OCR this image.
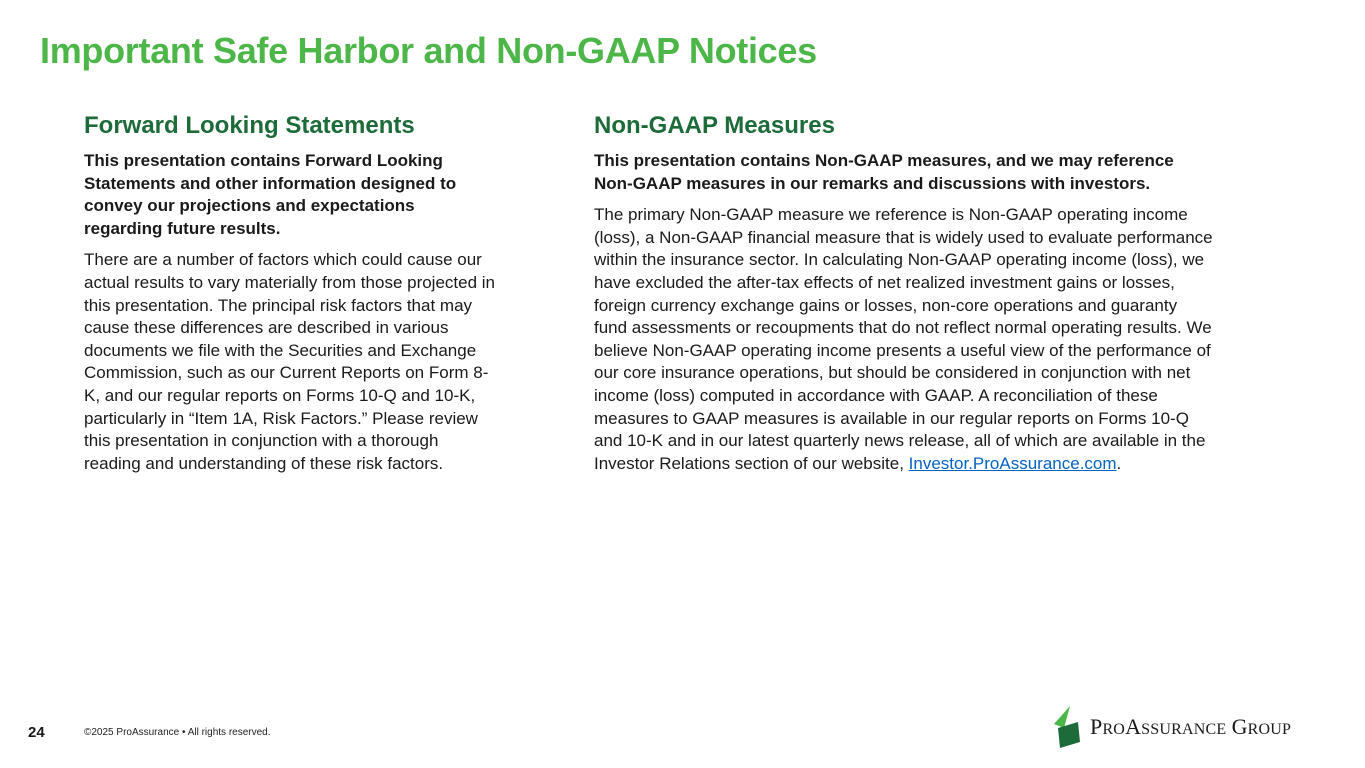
Important Safe Harbor and Non-GAAP Notices
Forward Looking Statements

This presentation contains Forward Looking Statements and other information designed to convey our projections and expectations regarding future results.

There are a number of factors which could cause our actual results to vary materially from those projected in this presentation. The principal risk factors that may cause these differences are described in various documents we file with the Securities and Exchange Commission, such as our Current Reports on Form 8-K, and our regular reports on Forms 10-Q and 10-K, particularly in “Item 1A, Risk Factors.” Please review this presentation in conjunction with a thorough reading and understanding of these risk factors.

Non-GAAP Measures

This presentation contains Non-GAAP measures, and we may reference Non-GAAP measures in our remarks and discussions with investors.

The primary Non-GAAP measure we reference is Non-GAAP operating income (loss), a Non-GAAP financial measure that is widely used to evaluate performance within the insurance sector. In calculating Non-GAAP operating income (loss), we have excluded the after-tax effects of net realized investment gains or losses, foreign currency exchange gains or losses, non-core operations and guaranty fund assessments or recoupments that do not reflect normal operating results. We believe Non-GAAP operating income presents a useful view of the performance of our core insurance operations, but should be considered in conjunction with net income (loss) computed in accordance with GAAP. A reconciliation of these measures to GAAP measures is available in our regular reports on Forms 10-Q and 10-K and in our latest quarterly news release, all of which are available in the Investor Relations section of our website, Investor.ProAssurance.com.

24	©2025 ProAssurance • All rights reserved.	PROASSURANCE GROUP
